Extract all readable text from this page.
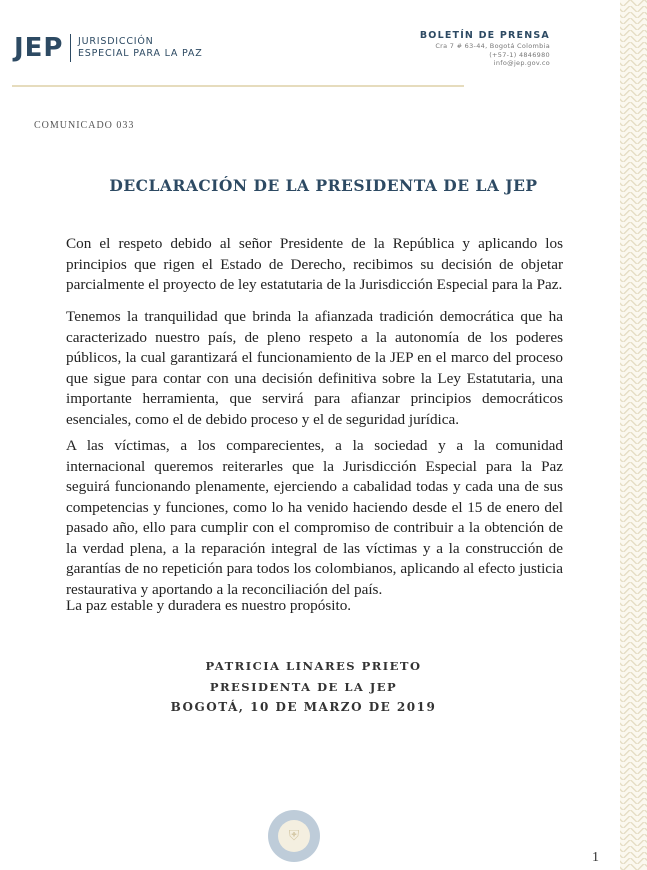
JEP JURISDICCIÓN
ESPECIAL PARA LA PAZ
BOLETÍN DE PRENSA
Cra 7 # 63-44, Bogotá Colombia
(+57-1) 4846980
info@jep.gov.co
COMUNICADO 033
DECLARACIÓN DE LA PRESIDENTA DE LA JEP

Con el respeto debido al señor Presidente de la República y aplicando los principios que rigen el Estado de Derecho, recibimos su decisión de objetar parcialmente el proyecto de ley estatutaria de la Jurisdicción Especial para la Paz.

Tenemos la tranquilidad que brinda la afianzada tradición democrática que ha caracterizado nuestro país, de pleno respeto a la autonomía de los poderes públicos, la cual garantizará el funcionamiento de la JEP en el marco del proceso que sigue para contar con una decisión definitiva sobre la Ley Estatutaria, una importante herramienta, que servirá para afianzar principios democráticos esenciales, como el de debido proceso y el de seguridad jurídica.

A las víctimas, a los comparecientes, a la sociedad y a la comunidad internacional queremos reiterarles que la Jurisdicción Especial para la Paz seguirá funcionando plenamente, ejerciendo a cabalidad todas y cada una de sus competencias y funciones, como lo ha venido haciendo desde el 15 de enero del pasado año, ello para cumplir con el compromiso de contribuir a la obtención de la verdad plena, a la reparación integral de las víctimas y a la construcción de garantías de no repetición para todos los colombianos, aplicando al efecto justicia restaurativa y aportando a la reconciliación del país.

La paz estable y duradera es nuestro propósito.

PATRICIA LINARES PRIETO
PRESIDENTA DE LA JEP
BOGOTÁ, 10 DE MARZO DE 2019
⛨
1
